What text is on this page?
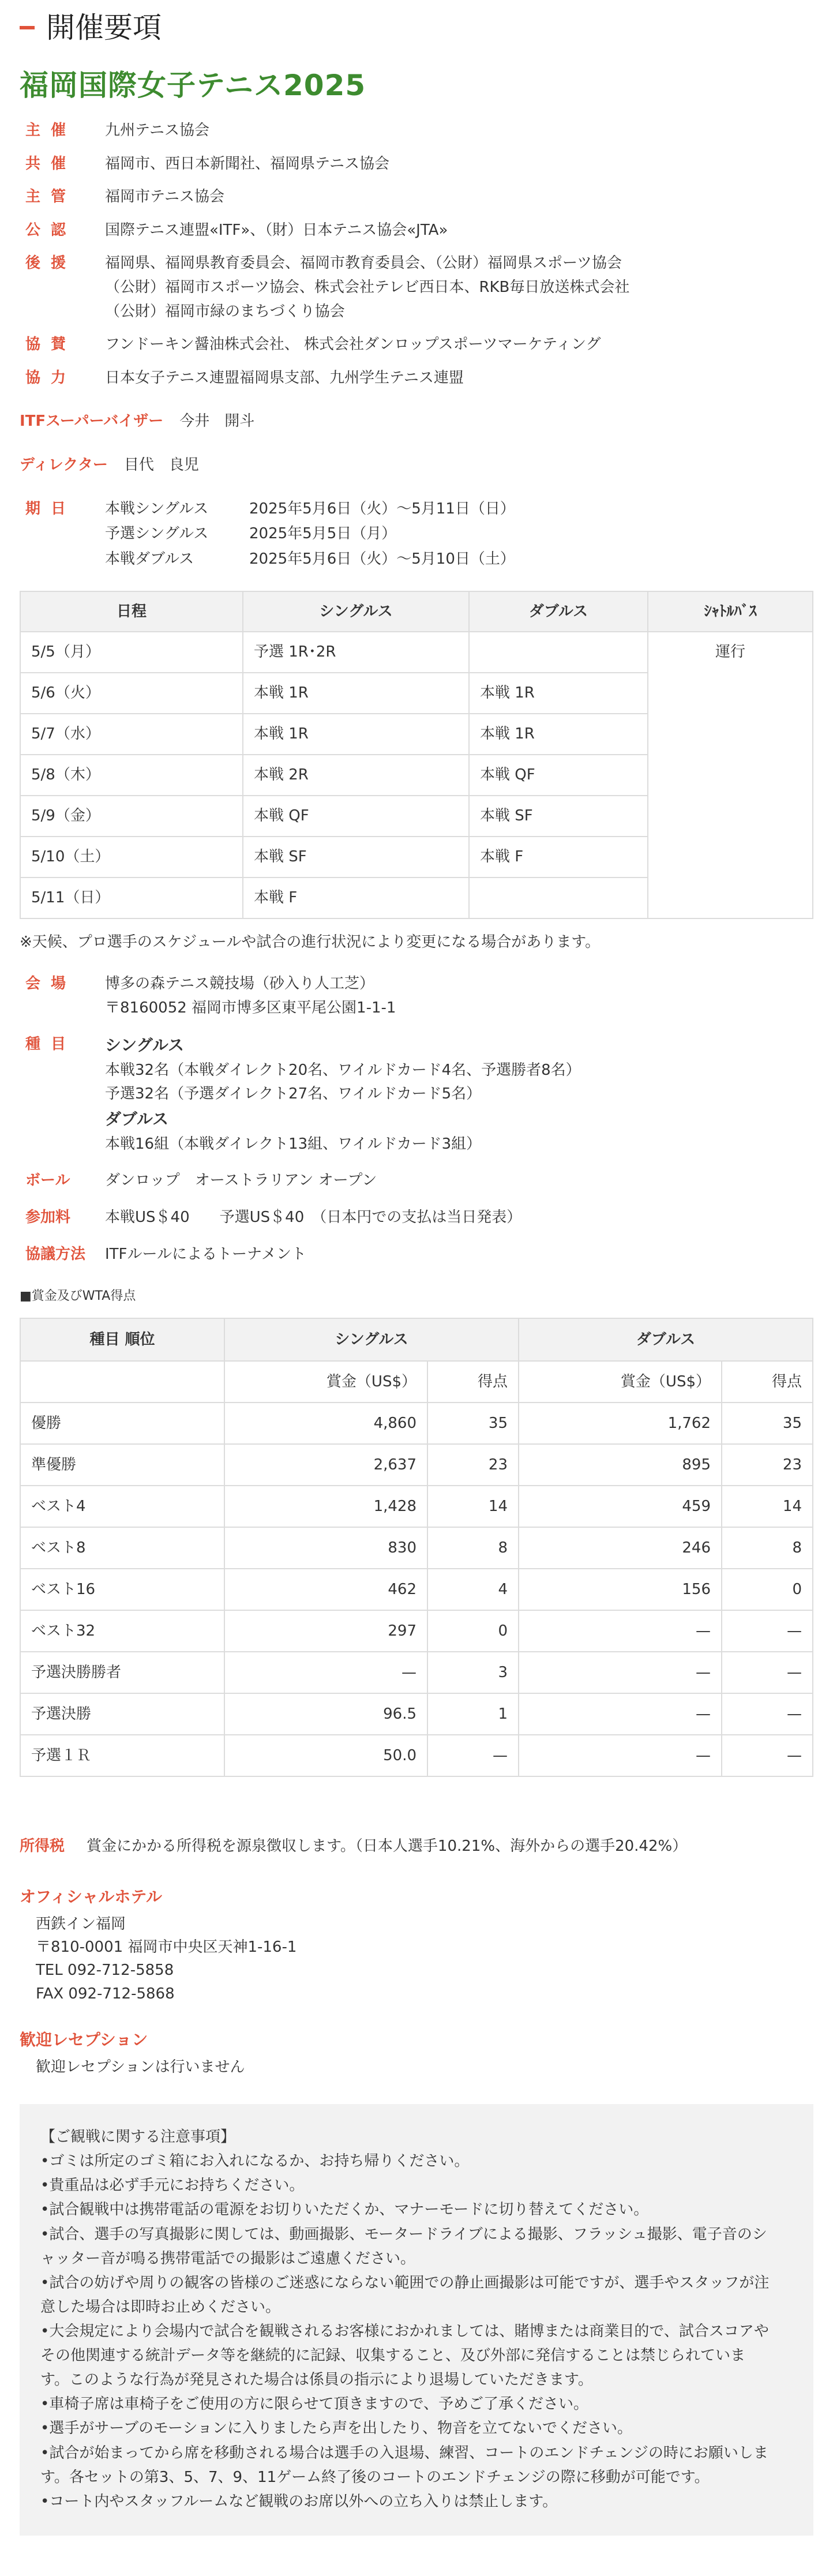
開催要項
福岡国際女子テニス2025
主催	九州テニス協会
共催	福岡市、西日本新聞社、福岡県テニス協会
主管	福岡市テニス協会
公認	国際テニス連盟«ITF»、（財）日本テニス協会«JTA»
後援	福岡県、福岡県教育委員会、福岡市教育委員会、（公財）福岡県スポーツ協会
（公財）福岡市スポーツ協会、株式会社テレビ西日本、RKB毎日放送株式会社
（公財）福岡市緑のまちづくり協会
協賛	フンドーキン醤油株式会社、 株式会社ダンロップスポーツマーケティング
協力	日本女子テニス連盟福岡県支部、九州学生テニス連盟
ITFスーパーバイザー 今井　開斗
ディレクター 目代　良児
期日	本戦シングルス	2025年5月6日（火）～5月11日（日）
予選シングルス	2025年5月5日（月）
本戦ダブルス	2025年5月6日（火）～5月10日（土）
日程	シングルス	ダブルス	ｼｬﾄﾙﾊﾞｽ
5/5（月）	予選 1R･2R		運行
5/6（火）	本戦 1R	本戦 1R	
5/7（水）	本戦 1R	本戦 1R	
5/8（木）	本戦 2R	本戦 QF	
5/9（金）	本戦 QF	本戦 SF	
5/10（土）	本戦 SF	本戦 F	
5/11（日）	本戦 F		

※天候、プロ選手のスケジュールや試合の進行状況により変更になる場合があります。

会場	博多の森テニス競技場（砂入り人工芝）
〒8160052 福岡市博多区東平尾公園1-1-1
種目	シングルス
本戦32名（本戦ダイレクト20名、ワイルドカード4名、予選勝者8名）
予選32名（予選ダイレクト27名、ワイルドカード5名）
ダブルス
本戦16組（本戦ダイレクト13組、ワイルドカード3組）
ボール	ダンロップ　オーストラリアン オープン
参加料	本戦US＄40　　予選US＄40　（日本円での支払は当日発表）
協議方法	ITFルールによるトーナメント

■賞金及びWTA得点

種目 順位	シングルス		ダブルス	
	賞金（US$）	得点	賞金（US$）	得点
優勝	4,860	35	1,762	35
準優勝	2,637	23	895	23
ベスト4	1,428	14	459	14
ベスト8	830	8	246	8
ベスト16	462	4	156	0
ベスト32	297	0	—	—
予選決勝勝者	—	3	—	—
予選決勝	96.5	1	—	—
予選１Ｒ	50.0	—	—	—
所得税 賞金にかかる所得税を源泉徴収します。（日本人選手10.21%、海外からの選手20.42%）
オフィシャルホテル
西鉄イン福岡
〒810-0001 福岡市中央区天神1-16-1
TEL 092-712-5858
FAX 092-712-5868
歓迎レセプション
歓迎レセプションは行いません
【ご観戦に関する注意事項】
•ゴミは所定のゴミ箱にお入れになるか、お持ち帰りください。
•貴重品は必ず手元にお持ちください。
•試合観戦中は携帯電話の電源をお切りいただくか、マナーモードに切り替えてください。
•試合、選手の写真撮影に関しては、動画撮影、モータードライブによる撮影、フラッシュ撮影、電子音のシ
ャッター音が鳴る携帯電話での撮影はご遠慮ください。
•試合の妨げや周りの観客の皆様のご迷惑にならない範囲での静止画撮影は可能ですが、選手やスタッフが注
意した場合は即時お止めください。
•大会規定により会場内で試合を観戦されるお客様におかれましては、賭博または商業目的で、試合スコアや
その他関連する統計データ等を継続的に記録、収集すること、及び外部に発信することは禁じられていま
す。このような行為が発見された場合は係員の指示により退場していただきます。
•車椅子席は車椅子をご使用の方に限らせて頂きますので、予めご了承ください。
•選手がサーブのモーションに入りましたら声を出したり、物音を立てないでください。
•試合が始まってから席を移動される場合は選手の入退場、練習、コートのエンドチェンジの時にお願いしま
す。各セットの第3、5、7、9、11ゲーム終了後のコートのエンドチェンジの際に移動が可能です。
•コート内やスタッフルームなど観戦のお席以外への立ち入りは禁止します。
